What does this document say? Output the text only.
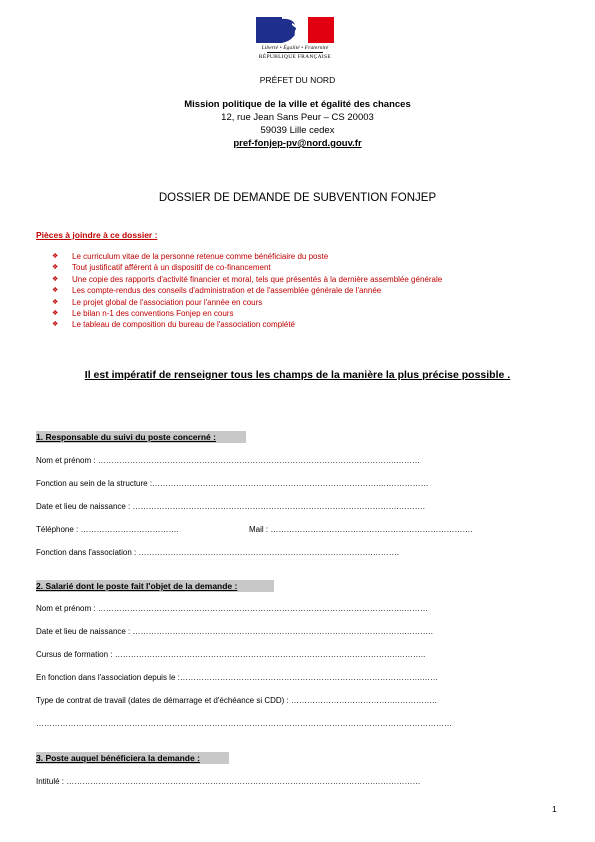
Liberté • Égalité • Fraternité
RÉPUBLIQUE FRANÇAISE
PRÉFET DU NORD
Mission politique de la ville et égalité des chances
12, rue Jean Sans Peur – CS 20003
59039 Lille cedex
pref-fonjep-pv@nord.gouv.fr
DOSSIER DE DEMANDE DE SUBVENTION FONJEP
Pièces à joindre à ce dossier :
❖	Le curriculum vitae de la personne retenue comme bénéficiaire du poste
❖	Tout justificatif afférent à un dispositif de co-financement
❖	Une copie des rapports d'activité financier et moral, tels que présentés à la dernière assemblée générale
❖	Les compte-rendus des conseils d'administration et de l'assemblée générale de l'année
❖	Le projet global de l'association pour l'année en cours
❖	Le bilan n-1 des conventions Fonjep en cours
❖	Le tableau de composition du bureau de l'association complété
Il est impératif de renseigner tous les champs de la manière la plus précise possible .
1. Responsable du suivi du poste concerné :
Nom et prénom : ………………………………………………………………………………………………….………
Fonction au sein de la structure :………………………………………………………………………….….……………
Date et lieu de naissance : ……………………………………………………………………………………….……….
Téléphone : ……………………………….	Mail : ………………………………………………………………….
Fonction dans l'association : …………………………………………………………………………….……….
2. Salarié dont le poste fait l'objet de la demande :
Nom et prénom : …………………………………………………………………………………………………….………
Date et lieu de naissance : ………………………………………………………………………………………….……….
Cursus de formation : …………………………………………………………………………………………….………..
En fonction dans l'association depuis le :……………………………………………………………………………….……
Type de contrat de travail (dates de démarrage et d'échéance si CDD) : ………………………………….……………
…………………………………………………………………………………………………………………………………………
3. Poste auquel bénéficiera la demande :
Intitulé : …………………………………………………………………………………………………….………………
1
